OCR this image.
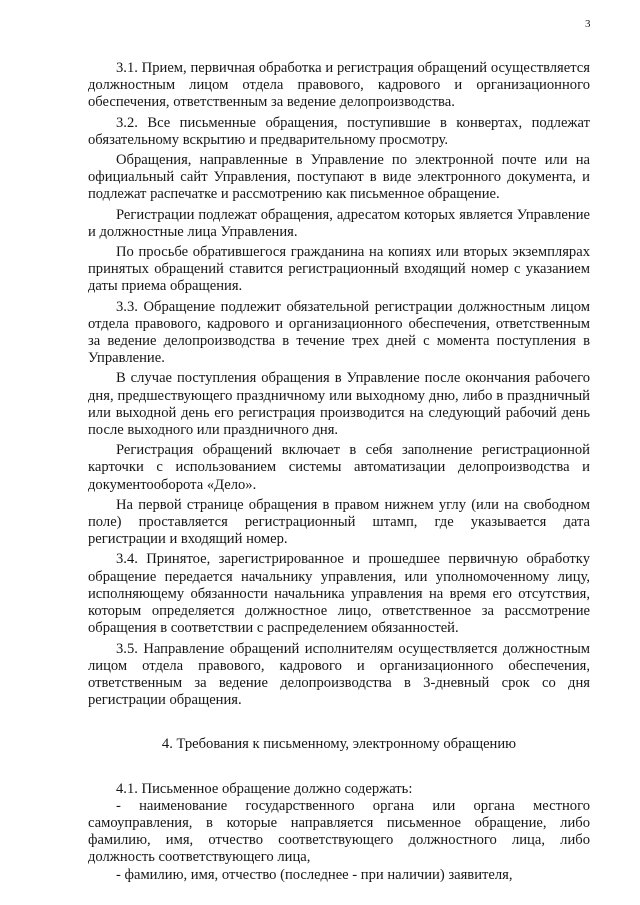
3

3.1. Прием, первичная обработка и регистрация обращений осуществляется должностным лицом отдела правового, кадрового и организационного обеспечения, ответственным за ведение делопроизводства.

3.2. Все письменные обращения, поступившие в конвертах, подлежат обязательному вскрытию и предварительному просмотру.

Обращения, направленные в Управление по электронной почте или на официальный сайт Управления, поступают в виде электронного документа, и подлежат распечатке и рассмотрению как письменное обращение.

Регистрации подлежат обращения, адресатом которых является Управление и должностные лица Управления.

По просьбе обратившегося гражданина на копиях или вторых экземплярах принятых обращений ставится регистрационный входящий номер с указанием даты приема обращения.

3.3. Обращение подлежит обязательной регистрации должностным лицом отдела правового, кадрового и организационного обеспечения, ответственным за ведение делопроизводства в течение трех дней с момента поступления в Управление.

В случае поступления обращения в Управление после окончания рабочего дня, предшествующего праздничному или выходному дню, либо в праздничный или выходной день его регистрация производится на следующий рабочий день после выходного или праздничного дня.

Регистрация обращений включает в себя заполнение регистрационной карточки с использованием системы автоматизации делопроизводства и документооборота «Дело».

На первой странице обращения в правом нижнем углу (или на свободном поле) проставляется регистрационный штамп, где указывается дата регистрации и входящий номер.

3.4. Принятое, зарегистрированное и прошедшее первичную обработку обращение передается начальнику управления, или уполномоченному лицу, исполняющему обязанности начальника управления на время его отсутствия, которым определяется должностное лицо, ответственное за рассмотрение обращения в соответствии с распределением обязанностей.

3.5. Направление обращений исполнителям осуществляется должностным лицом отдела правового, кадрового и организационного обеспечения, ответственным за ведение делопроизводства в 3-дневный срок со дня регистрации обращения.

4. Требования к письменному, электронному обращению

4.1. Письменное обращение должно содержать:

- наименование государственного органа или органа местного самоуправления, в которые направляется письменное обращение, либо фамилию, имя, отчество соответствующего должностного лица, либо должность соответствующего лица,

- фамилию, имя, отчество (последнее - при наличии) заявителя,
